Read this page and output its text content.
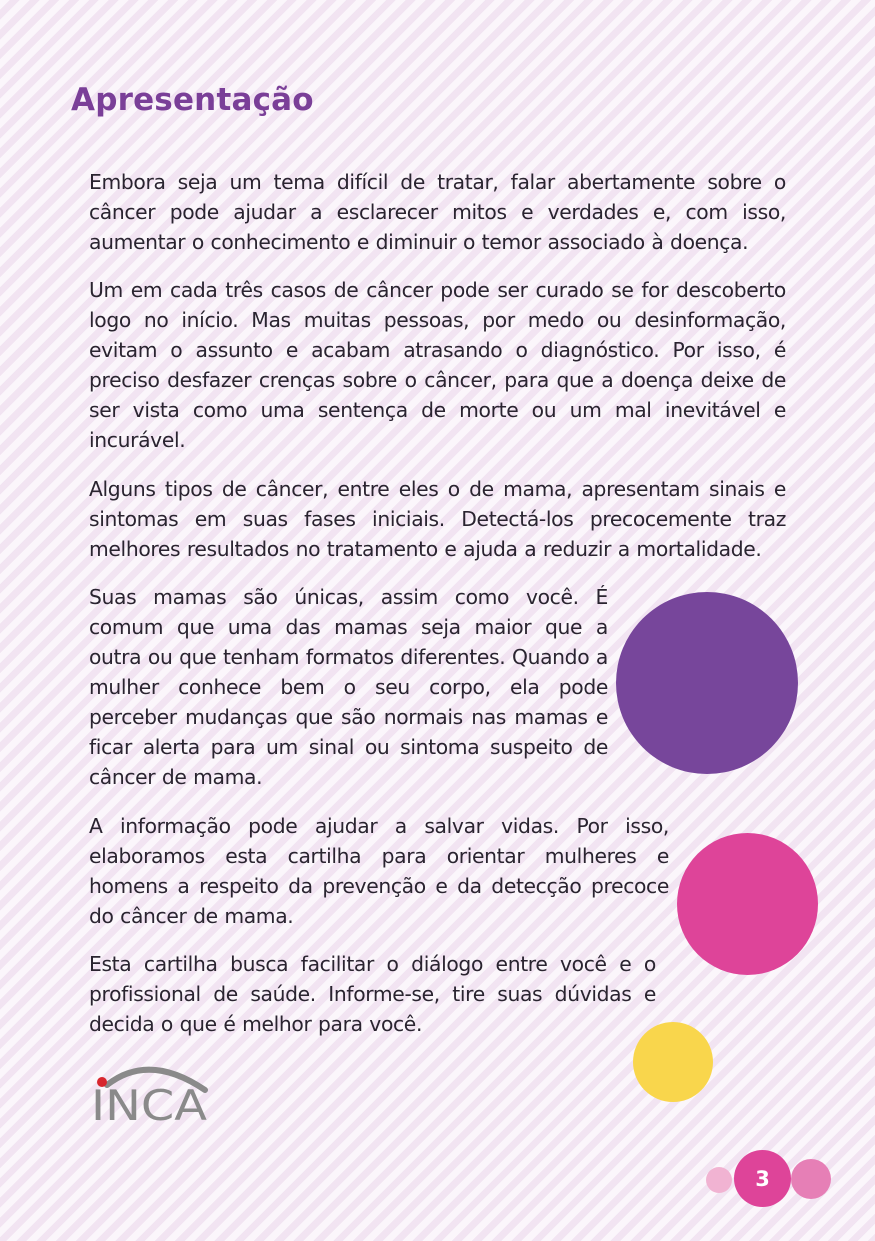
Apresentação

Embora seja um tema difícil de tratar, falar abertamente sobre o câncer pode ajudar a esclarecer mitos e verdades e, com isso, aumentar o conhecimento e diminuir o temor associado à doença.

Um em cada três casos de câncer pode ser curado se for descoberto logo no início. Mas muitas pessoas, por medo ou desinformação, evitam o assunto e acabam atrasando o diagnóstico. Por isso, é preciso desfazer crenças sobre o câncer, para que a doença deixe de ser vista como uma sentença de morte ou um mal inevitável e incurável.

Alguns tipos de câncer, entre eles o de mama, apresentam sinais e sintomas em suas fases iniciais. Detectá-los precocemente traz melhores resultados no tratamento e ajuda a reduzir a mortalidade.

Suas mamas são únicas, assim como você. É comum que uma das mamas seja maior que a outra ou que tenham formatos diferentes. Quando a mulher conhece bem o seu corpo, ela pode perceber mudanças que são normais nas mamas e ficar alerta para um sinal ou sintoma suspeito de câncer de mama.

A informação pode ajudar a salvar vidas. Por isso, elaboramos esta cartilha para orientar mulheres e homens a respeito da prevenção e da detecção precoce do câncer de mama.

Esta cartilha busca facilitar o diálogo entre você e o profissional de saúde. Informe-se, tire suas dúvidas e decida o que é melhor para você.

INCA
3
